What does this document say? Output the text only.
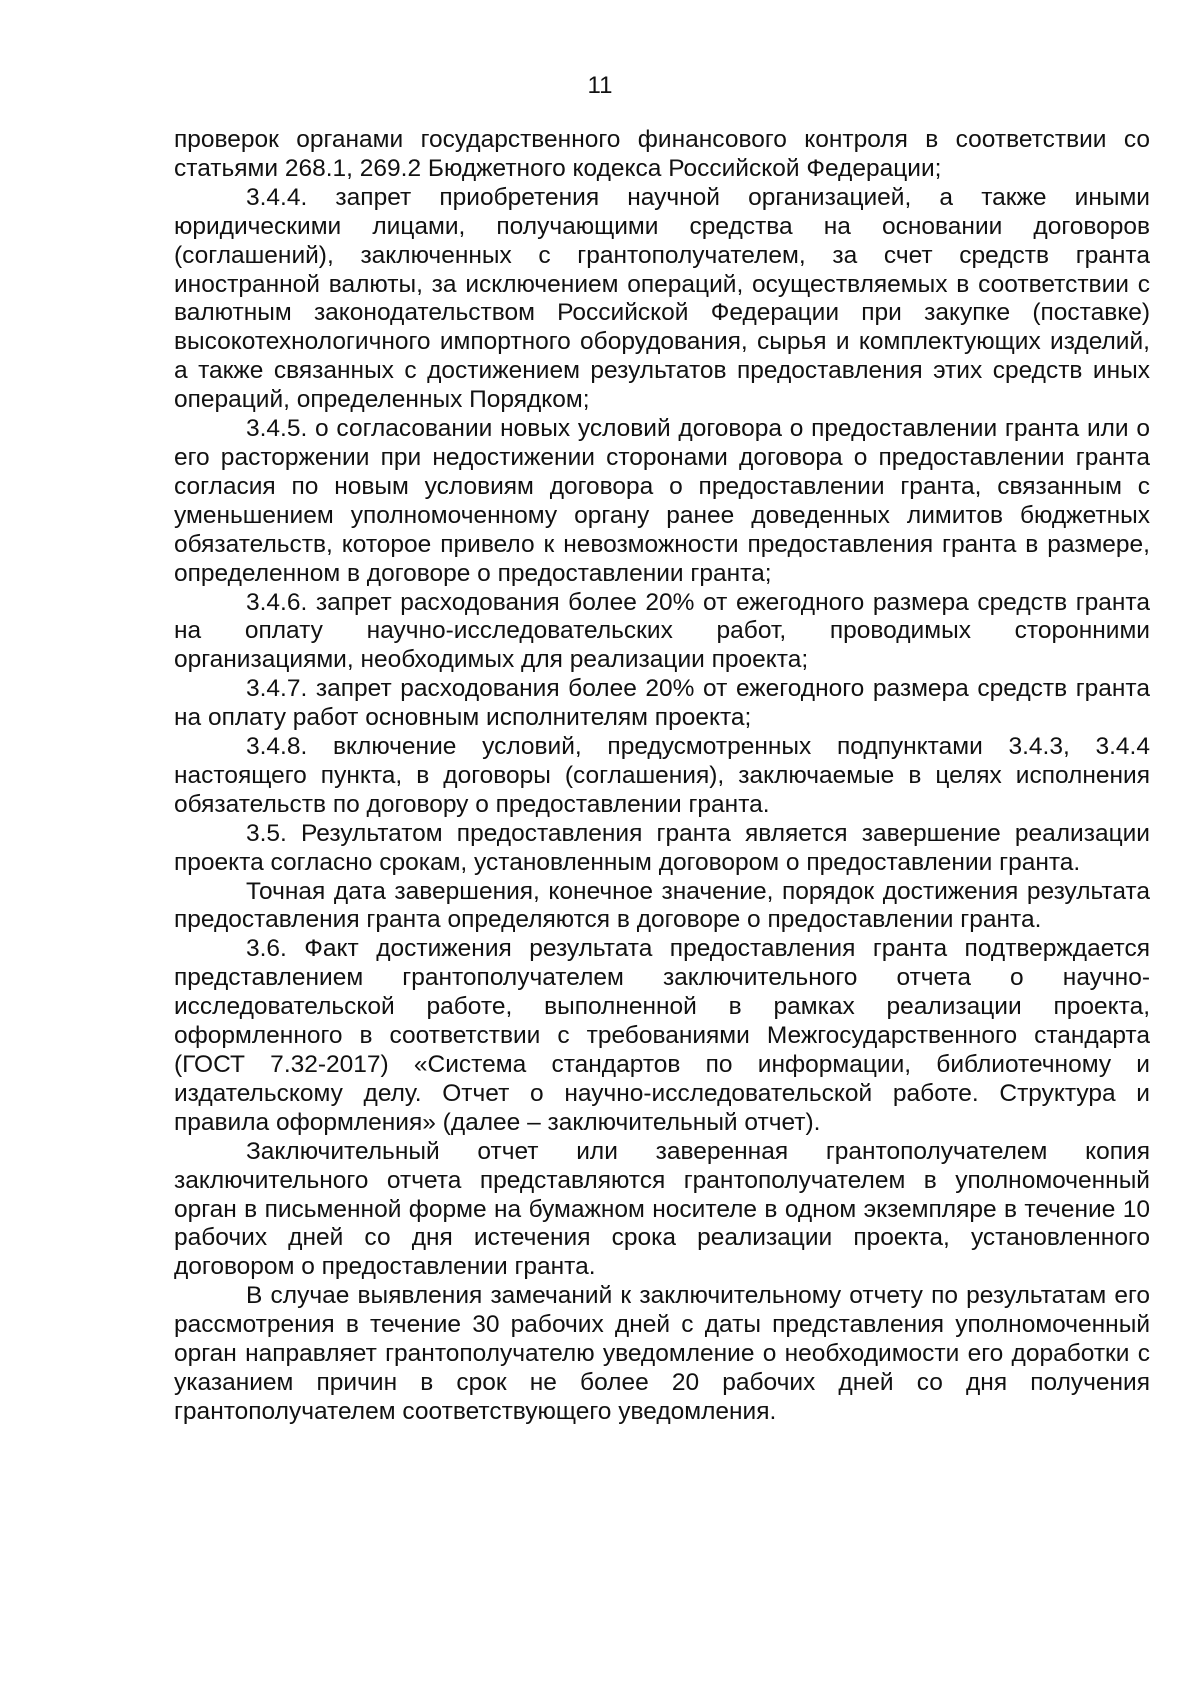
11

проверок органами государственного финансового контроля в соответствии со статьями 268.1, 269.2 Бюджетного кодекса Российской Федерации;

3.4.4. запрет приобретения научной организацией, а также иными юридическими лицами, получающими средства на основании договоров (соглашений), заключенных с грантополучателем, за счет средств гранта иностранной валюты, за исключением операций, осуществляемых в соответствии с валютным законодательством Российской Федерации при закупке (поставке) высокотехнологичного импортного оборудования, сырья и комплектующих изделий, а также связанных с достижением результатов предоставления этих средств иных операций, определенных Порядком;

3.4.5. о согласовании новых условий договора о предоставлении гранта или о его расторжении при недостижении сторонами договора о предоставлении гранта согласия по новым условиям договора о предоставлении гранта, связанным с уменьшением уполномоченному органу ранее доведенных лимитов бюджетных обязательств, которое привело к невозможности предоставления гранта в размере, определенном в договоре о предоставлении гранта;

3.4.6. запрет расходования более 20% от ежегодного размера средств гранта на оплату научно-исследовательских работ, проводимых сторонними организациями, необходимых для реализации проекта;

3.4.7. запрет расходования более 20% от ежегодного размера средств гранта на оплату работ основным исполнителям проекта;

3.4.8. включение условий, предусмотренных подпунктами 3.4.3, 3.4.4 настоящего пункта, в договоры (соглашения), заключаемые в целях исполнения обязательств по договору о предоставлении гранта.

3.5. Результатом предоставления гранта является завершение реализации проекта согласно срокам, установленным договором о предоставлении гранта.

Точная дата завершения, конечное значение, порядок достижения результата предоставления гранта определяются в договоре о предоставлении гранта.

3.6. Факт достижения результата предоставления гранта подтверждается представлением грантополучателем заключительного отчета о научно-исследовательской работе, выполненной в рамках реализации проекта, оформленного в соответствии с требованиями Межгосударственного стандарта (ГОСТ 7.32-2017) «Система стандартов по информации, библиотечному и издательскому делу. Отчет о научно-исследовательской работе. Структура и правила оформления» (далее – заключительный отчет).

Заключительный отчет или заверенная грантополучателем копия заключительного отчета представляются грантополучателем в уполномоченный орган в письменной форме на бумажном носителе в одном экземпляре в течение 10 рабочих дней со дня истечения срока реализации проекта, установленного договором о предоставлении гранта.

В случае выявления замечаний к заключительному отчету по результатам его рассмотрения в течение 30 рабочих дней с даты представления уполномоченный орган направляет грантополучателю уведомление о необходимости его доработки с указанием причин в срок не более 20 рабочих дней со дня получения грантополучателем соответствующего уведомления.
